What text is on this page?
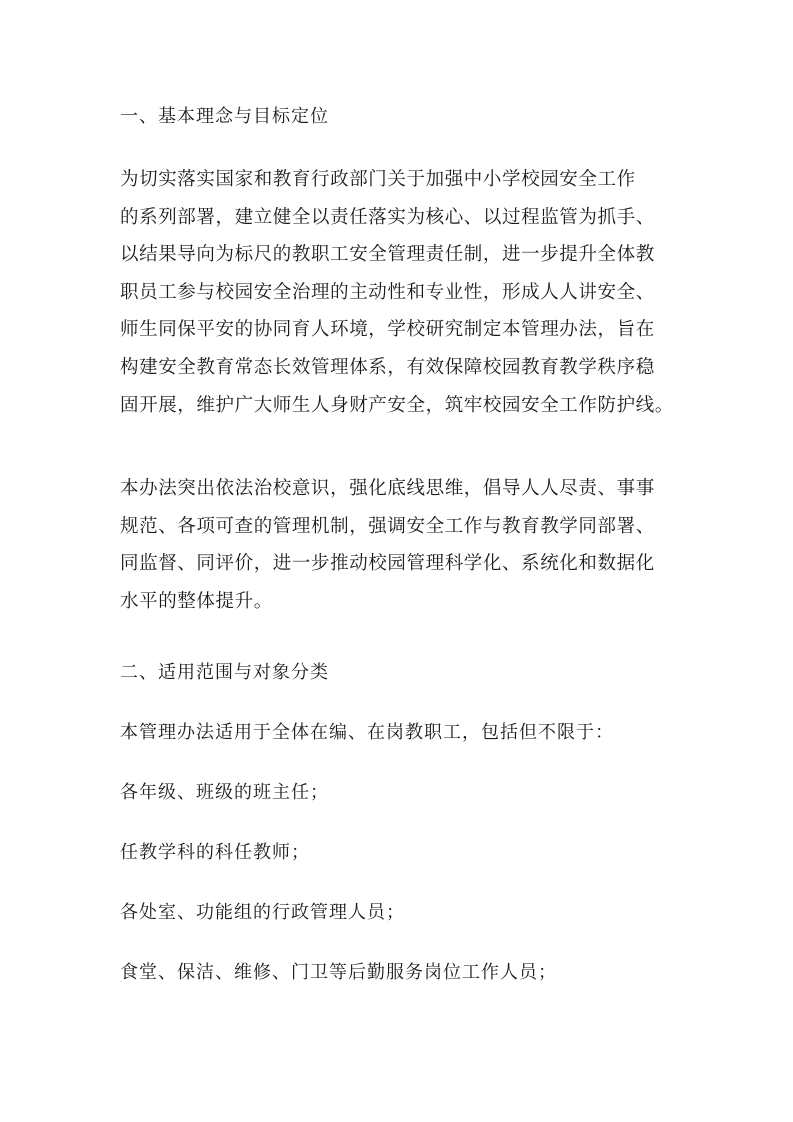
一、基本理念与目标定位

为切实落实国家和教育行政部门关于加强中小学校园安全工作
的系列部署，建立健全以责任落实为核心、以过程监管为抓手、
以结果导向为标尺的教职工安全管理责任制，进一步提升全体教
职员工参与校园安全治理的主动性和专业性，形成人人讲安全、
师生同保平安的协同育人环境，学校研究制定本管理办法，旨在
构建安全教育常态长效管理体系，有效保障校园教育教学秩序稳
固开展，维护广大师生人身财产安全，筑牢校园安全工作防护线。
本办法突出依法治校意识，强化底线思维，倡导人人尽责、事事
规范、各项可查的管理机制，强调安全工作与教育教学同部署、
同监督、同评价，进一步推动校园管理科学化、系统化和数据化
水平的整体提升。

二、适用范围与对象分类

本管理办法适用于全体在编、在岗教职工，包括但不限于：

各年级、班级的班主任；

任教学科的科任教师；

各处室、功能组的行政管理人员；

食堂、保洁、维修、门卫等后勤服务岗位工作人员；
